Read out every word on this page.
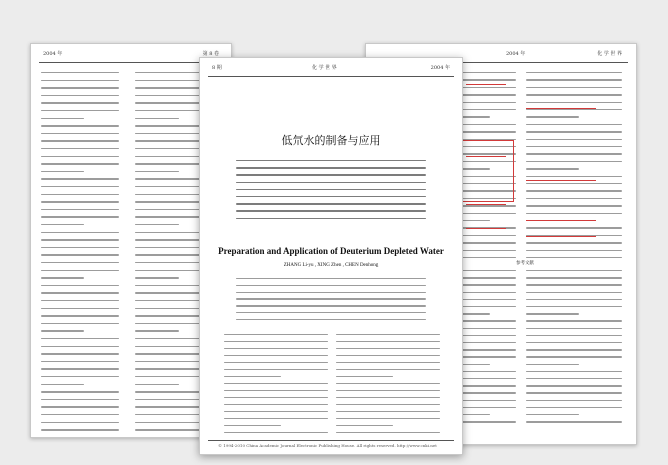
2004 年	第 8 卷	2004 年	化 学 世 界
参考文献
8 期	化 学 世 界	2004 年
低氘水的制备与应用
Preparation and Application of Deuterium Depleted Water
ZHANG Li-yu , XING Zhen , CHEN Denhong
© 1994-2010 China Academic Journal Electronic Publishing House. All rights reserved. http://www.cnki.net
